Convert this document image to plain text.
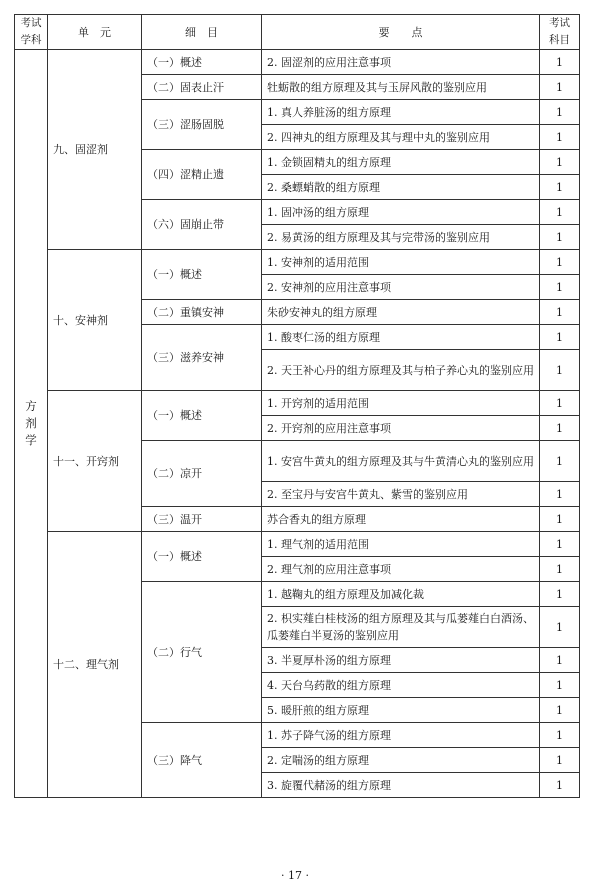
考试学科	单　元	细　目	要　　点	考试科目
方剂学	九、固涩剂	（一）概述	2. 固涩剂的应用注意事项	1
		（二）固表止汗	牡蛎散的组方原理及其与玉屏风散的鉴别应用	1
		（三）涩肠固脱	1. 真人养脏汤的组方原理	1
			2. 四神丸的组方原理及其与理中丸的鉴别应用	1
		（四）涩精止遗	1. 金锁固精丸的组方原理	1
			2. 桑螵蛸散的组方原理	1
		（六）固崩止带	1. 固冲汤的组方原理	1
			2. 易黄汤的组方原理及其与完带汤的鉴别应用	1
	十、安神剂	（一）概述	1. 安神剂的适用范围	1
			2. 安神剂的应用注意事项	1
		（二）重镇安神	朱砂安神丸的组方原理	1
		（三）滋养安神	1. 酸枣仁汤的组方原理	1
			2. 天王补心丹的组方原理及其与柏子养心丸的鉴别应用	1
	十一、开窍剂	（一）概述	1. 开窍剂的适用范围	1
			2. 开窍剂的应用注意事项	1
		（二）凉开	1. 安宫牛黄丸的组方原理及其与牛黄清心丸的鉴别应用	1
			2. 至宝丹与安宫牛黄丸、紫雪的鉴别应用	1
		（三）温开	苏合香丸的组方原理	1
	十二、理气剂	（一）概述	1. 理气剂的适用范围	1
			2. 理气剂的应用注意事项	1
		（二）行气	1. 越鞠丸的组方原理及加减化裁	1
			2. 枳实薤白桂枝汤的组方原理及其与瓜蒌薤白白酒汤、瓜蒌薤白半夏汤的鉴别应用	1
			3. 半夏厚朴汤的组方原理	1
			4. 天台乌药散的组方原理	1
			5. 暖肝煎的组方原理	1
		（三）降气	1. 苏子降气汤的组方原理	1
			2. 定喘汤的组方原理	1
			3. 旋覆代赭汤的组方原理	1
· 17 ·
